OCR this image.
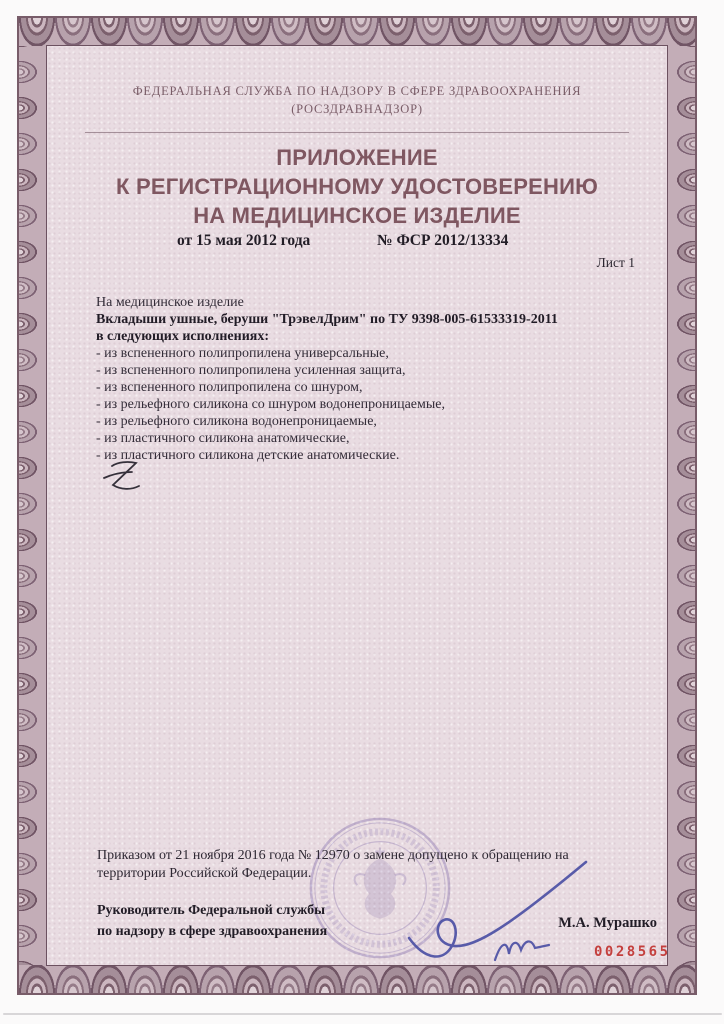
ФЕДЕРАЛЬНАЯ СЛУЖБА ПО НАДЗОРУ В СФЕРЕ ЗДРАВООХРАНЕНИЯ
(РОСЗДРАВНАДЗОР)
ПРИЛОЖЕНИЕ
К РЕГИСТРАЦИОННОМУ УДОСТОВЕРЕНИЮ
НА МЕДИЦИНСКОЕ ИЗДЕЛИЕ
от 15 мая 2012 года	№ ФСР 2012/13334
Лист 1
На медицинское изделие
Вкладыши ушные, беруши "ТрэвелДрим" по ТУ 9398-005-61533319-2011
в следующих исполнениях:
- из вспененного полипропилена универсальные,
- из вспененного полипропилена усиленная защита,
- из вспененного полипропилена со шнуром,
- из рельефного силикона со шнуром водонепроницаемые,
- из рельефного силикона водонепроницаемые,
- из пластичного силикона анатомические,
- из пластичного силикона детские анатомические.
Приказом от 21 ноября 2016 года № 12970 о замене допущено к обращению на территории Российской Федерации.
Руководитель Федеральной службы
по надзору в сфере здравоохранения
М.А. Мурашко
0028565
